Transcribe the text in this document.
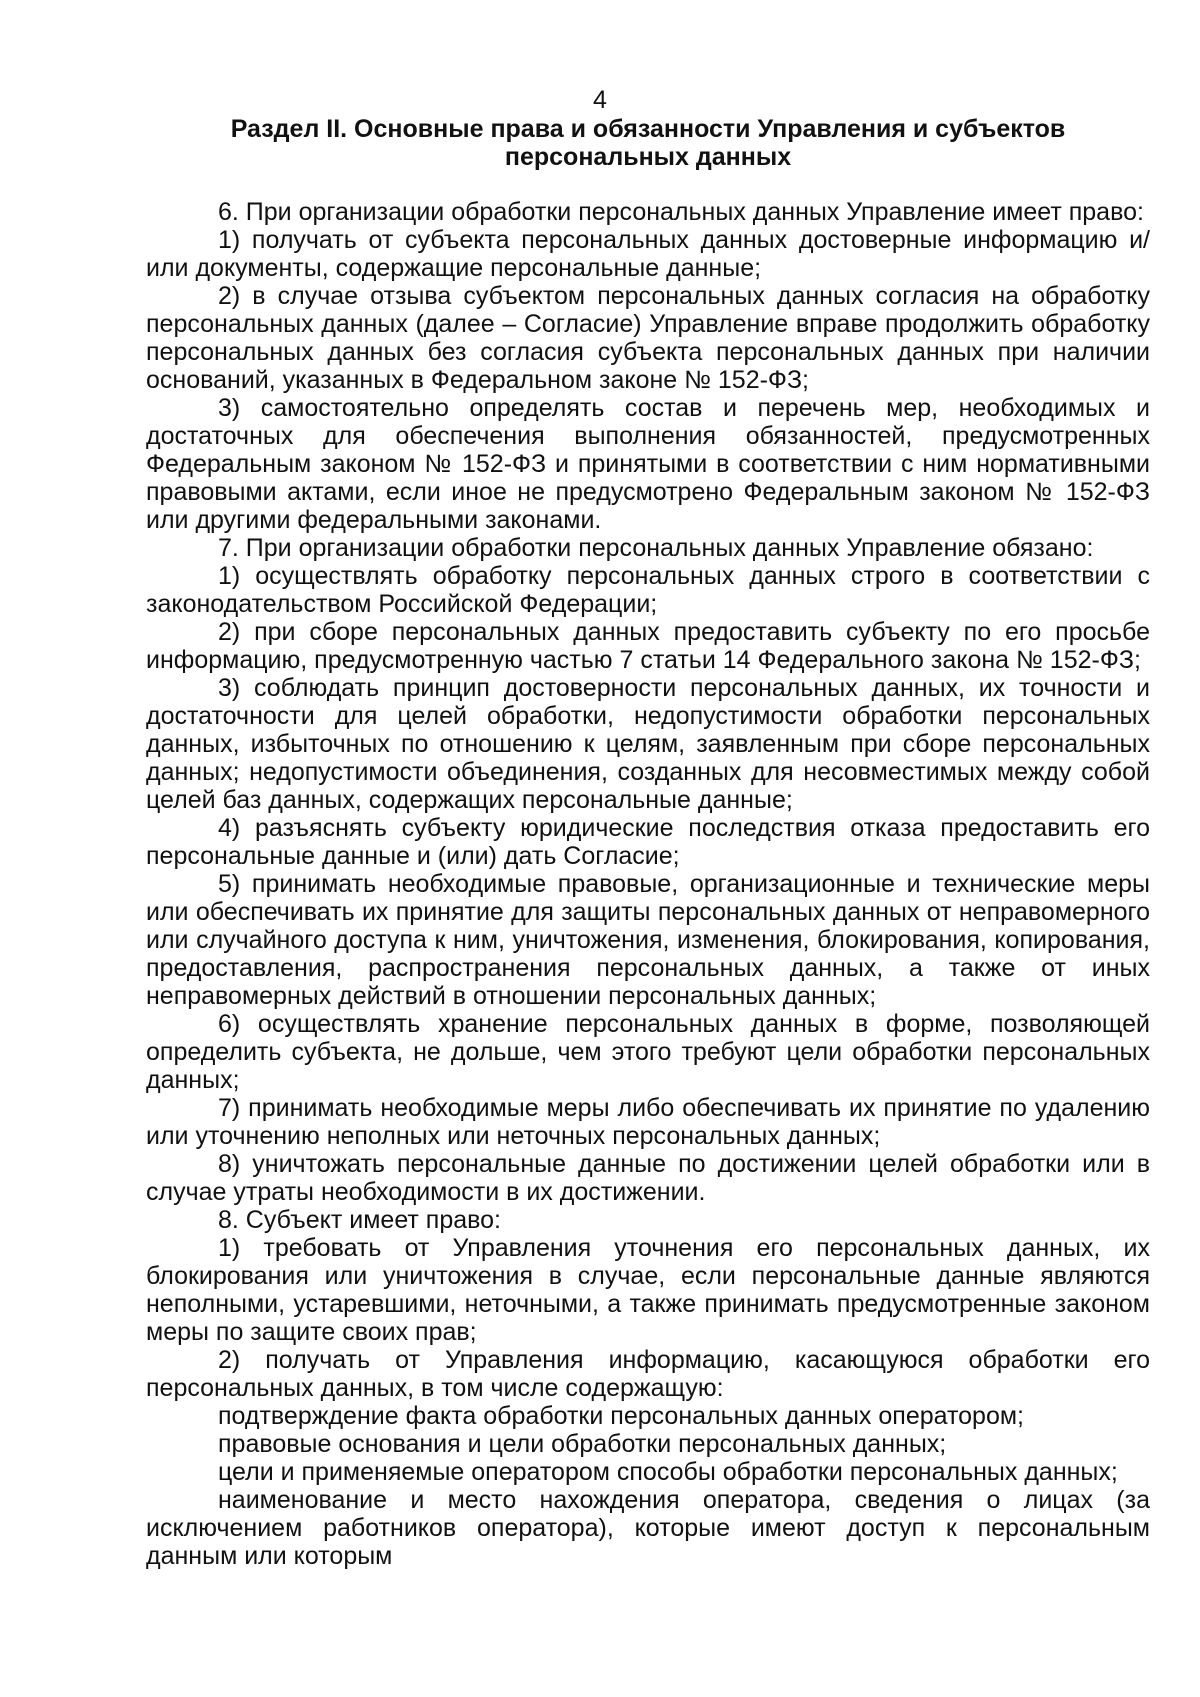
4
Раздел II. Основные права и обязанности Управления и субъектов персональных данных

6. При организации обработки персональных данных Управление имеет право:

1) получать от субъекта персональных данных достоверные информацию и/или документы, содержащие персональные данные;

2) в случае отзыва субъектом персональных данных согласия на обработку персональных данных (далее – Согласие) Управление вправе продолжить обработку персональных данных без согласия субъекта персональных данных при наличии оснований, указанных в Федеральном законе № 152-ФЗ;

3) самостоятельно определять состав и перечень мер, необходимых и достаточных для обеспечения выполнения обязанностей, предусмотренных Федеральным законом № 152-ФЗ и принятыми в соответствии с ним нормативными правовыми актами, если иное не предусмотрено Федеральным законом № 152-ФЗ или другими федеральными законами.

7. При организации обработки персональных данных Управление обязано:

1) осуществлять обработку персональных данных строго в соответствии с законодательством Российской Федерации;

2) при сборе персональных данных предоставить субъекту по его просьбе информацию, предусмотренную частью 7 статьи 14 Федерального закона № 152-ФЗ;

3) соблюдать принцип достоверности персональных данных, их точности и достаточности для целей обработки, недопустимости обработки персональных данных, избыточных по отношению к целям, заявленным при сборе персональных данных; недопустимости объединения, созданных для несовместимых между собой целей баз данных, содержащих персональные данные;

4) разъяснять субъекту юридические последствия отказа предоставить его персональные данные и (или) дать Согласие;

5) принимать необходимые правовые, организационные и технические меры или обеспечивать их принятие для защиты персональных данных от неправомерного или случайного доступа к ним, уничтожения, изменения, блокирования, копирования, предоставления, распространения персональных данных, а также от иных неправомерных действий в отношении персональных данных;

6) осуществлять хранение персональных данных в форме, позволяющей определить субъекта, не дольше, чем этого требуют цели обработки персональных данных;

7) принимать необходимые меры либо обеспечивать их принятие по удалению или уточнению неполных или неточных персональных данных;

8) уничтожать персональные данные по достижении целей обработки или в случае утраты необходимости в их достижении.

8. Субъект имеет право:

1) требовать от Управления уточнения его персональных данных, их блокирования или уничтожения в случае, если персональные данные являются неполными, устаревшими, неточными, а также принимать предусмотренные законом меры по защите своих прав;

2) получать от Управления информацию, касающуюся обработки его персональных данных, в том числе содержащую:

подтверждение факта обработки персональных данных оператором;

правовые основания и цели обработки персональных данных;

цели и применяемые оператором способы обработки персональных данных;

наименование и место нахождения оператора, сведения о лицах (за исключением работников оператора), которые имеют доступ к персональным данным или которым
